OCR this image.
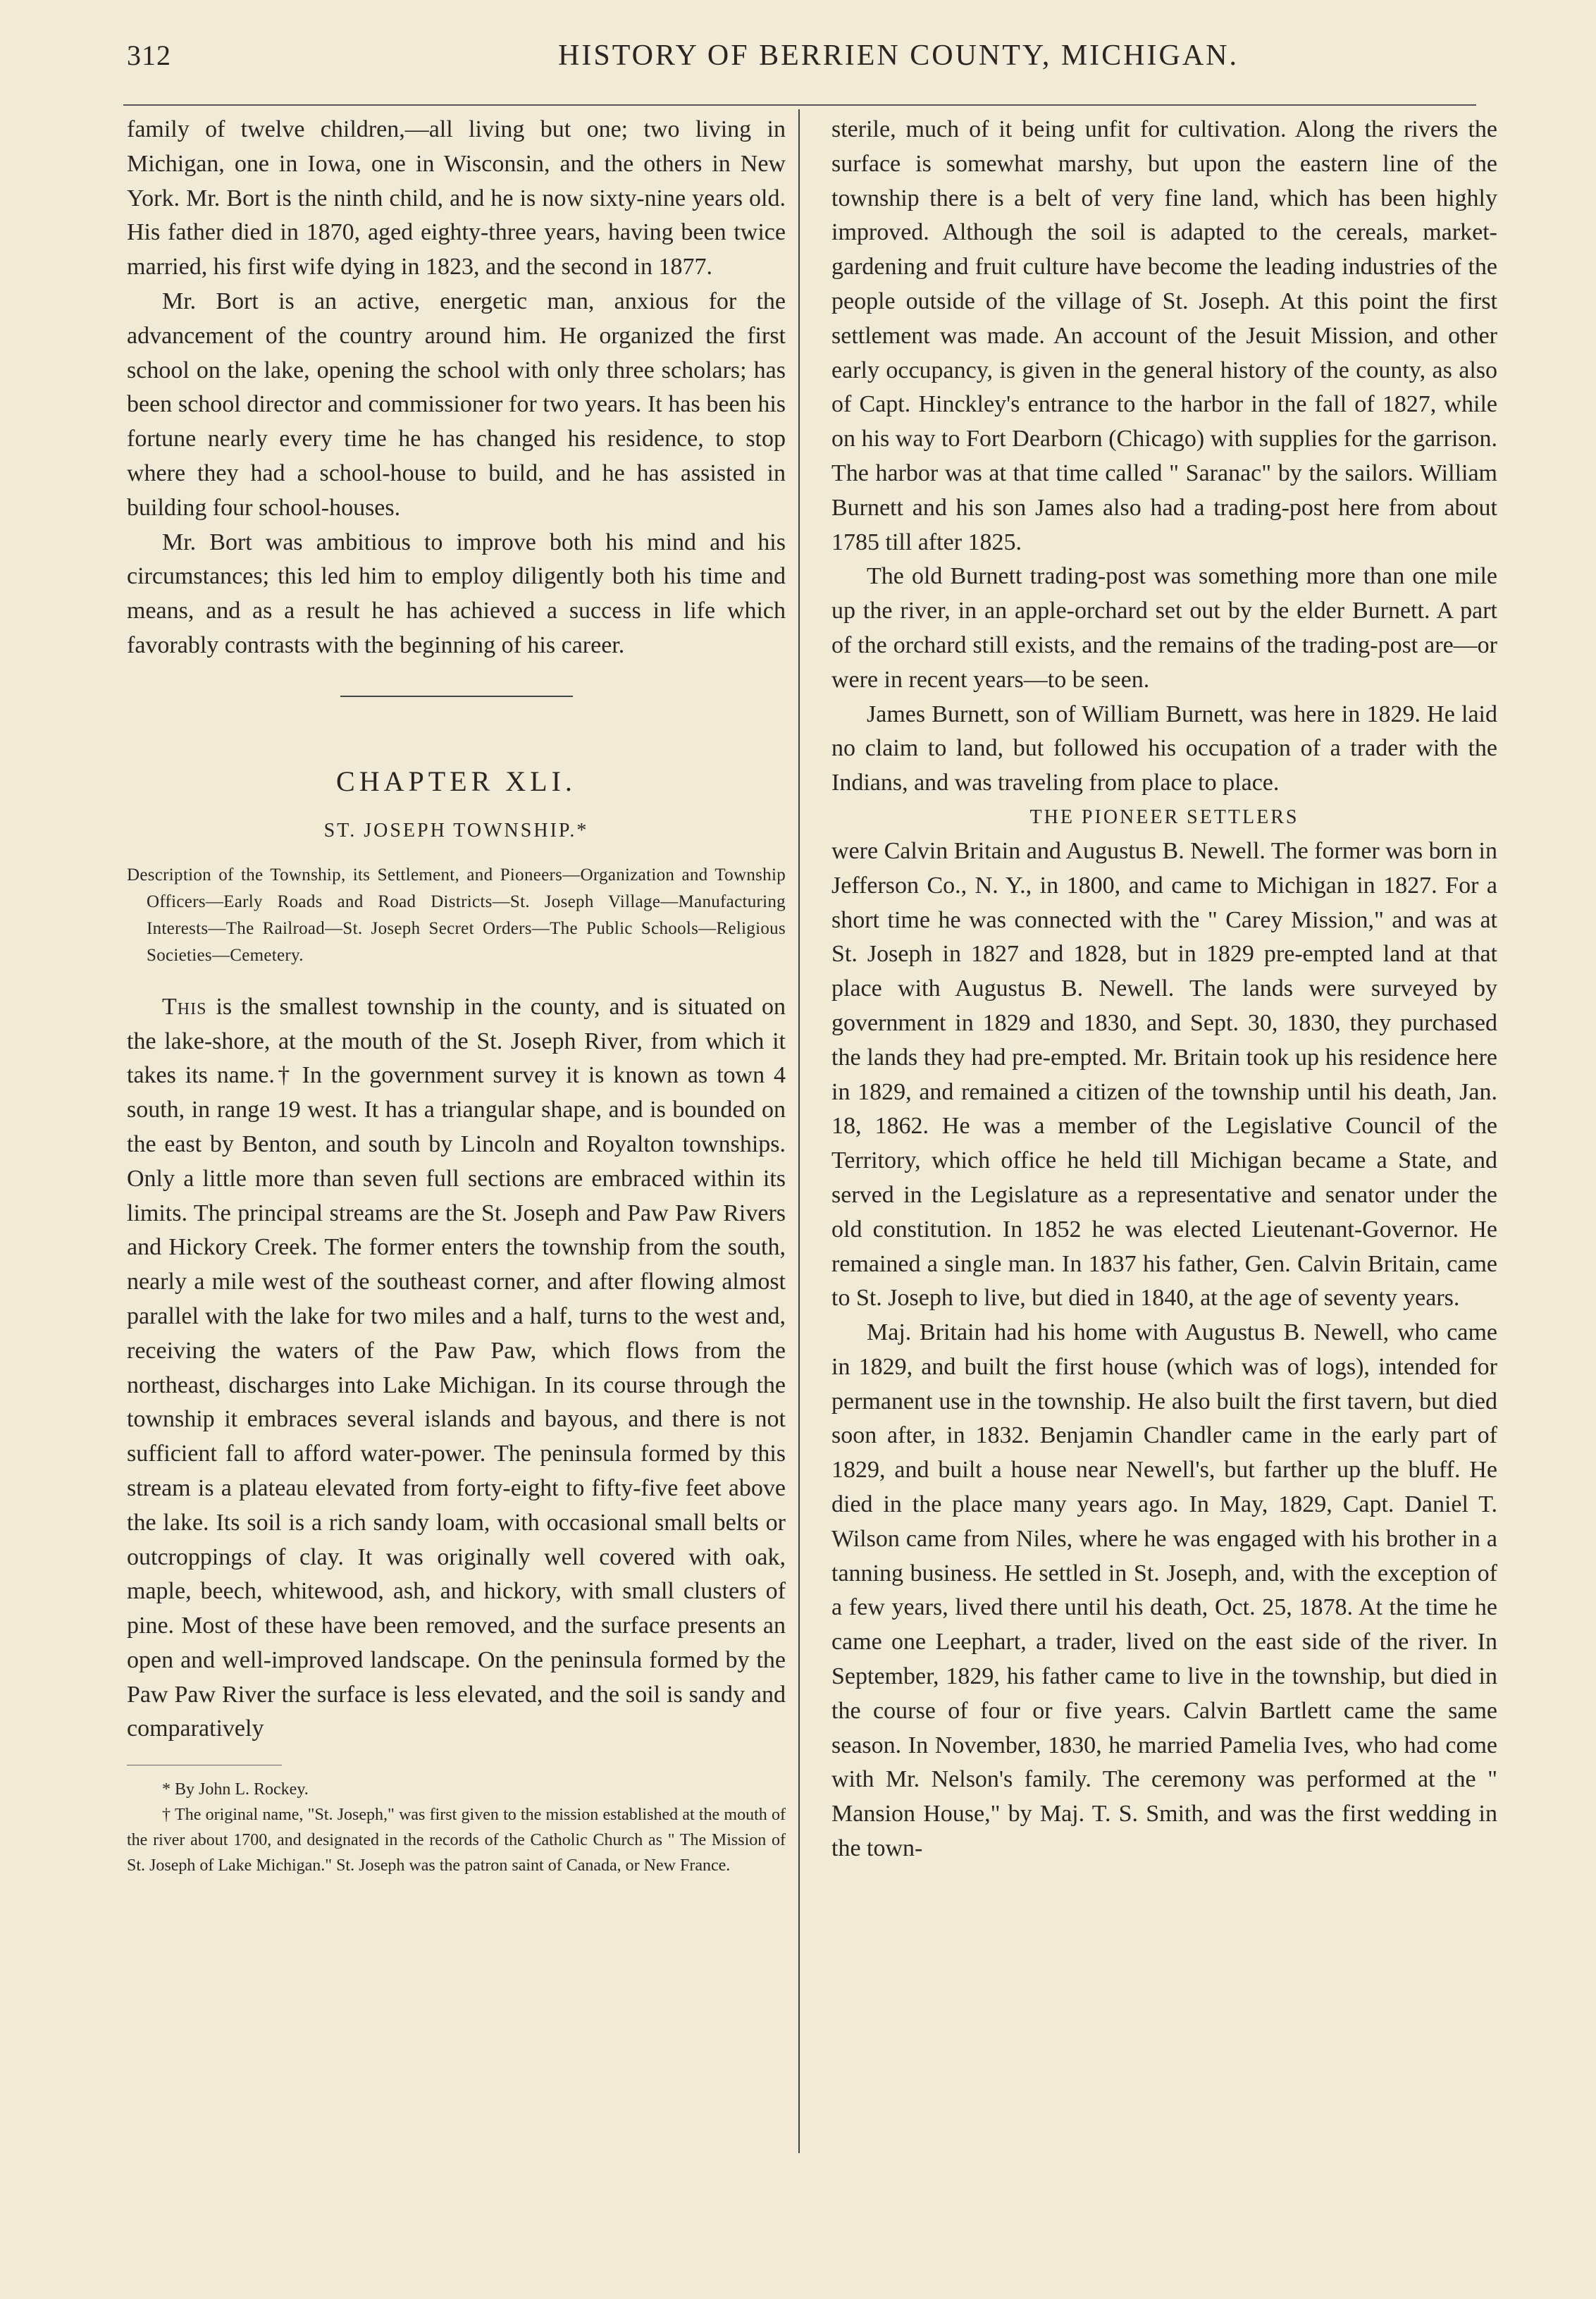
312	HISTORY OF BERRIEN COUNTY, MICHIGAN.

family of twelve children,—all living but one; two living in Michigan, one in Iowa, one in Wisconsin, and the others in New York. Mr. Bort is the ninth child, and he is now sixty-nine years old. His father died in 1870, aged eighty-three years, having been twice married, his first wife dying in 1823, and the second in 1877.

Mr. Bort is an active, energetic man, anxious for the advancement of the country around him. He organized the first school on the lake, opening the school with only three scholars; has been school director and commissioner for two years. It has been his fortune nearly every time he has changed his residence, to stop where they had a school-house to build, and he has assisted in building four school-houses.

Mr. Bort was ambitious to improve both his mind and his circumstances; this led him to employ diligently both his time and means, and as a result he has achieved a success in life which favorably contrasts with the beginning of his career.

CHAPTER XLI.
ST. JOSEPH TOWNSHIP.*
Description of the Township, its Settlement, and Pioneers—Organization and Township Officers—Early Roads and Road Districts—St. Joseph Village—Manufacturing Interests—The Railroad—St. Joseph Secret Orders—The Public Schools—Religious Societies—Cemetery.

This is the smallest township in the county, and is situated on the lake-shore, at the mouth of the St. Joseph River, from which it takes its name.† In the government survey it is known as town 4 south, in range 19 west. It has a triangular shape, and is bounded on the east by Benton, and south by Lincoln and Royalton townships. Only a little more than seven full sections are embraced within its limits. The principal streams are the St. Joseph and Paw Paw Rivers and Hickory Creek. The former enters the township from the south, nearly a mile west of the southeast corner, and after flowing almost parallel with the lake for two miles and a half, turns to the west and, receiving the waters of the Paw Paw, which flows from the northeast, discharges into Lake Michigan. In its course through the township it embraces several islands and bayous, and there is not sufficient fall to afford water-power. The peninsula formed by this stream is a plateau elevated from forty-eight to fifty-five feet above the lake. Its soil is a rich sandy loam, with occasional small belts or outcroppings of clay. It was originally well covered with oak, maple, beech, whitewood, ash, and hickory, with small clusters of pine. Most of these have been removed, and the surface presents an open and well-improved landscape. On the peninsula formed by the Paw Paw River the surface is less elevated, and the soil is sandy and comparatively

* By John L. Rockey.

† The original name, "St. Joseph," was first given to the mission established at the mouth of the river about 1700, and designated in the records of the Catholic Church as " The Mission of St. Joseph of Lake Michigan." St. Joseph was the patron saint of Canada, or New France.

sterile, much of it being unfit for cultivation. Along the rivers the surface is somewhat marshy, but upon the eastern line of the township there is a belt of very fine land, which has been highly improved. Although the soil is adapted to the cereals, market-gardening and fruit culture have become the leading industries of the people outside of the village of St. Joseph. At this point the first settlement was made. An account of the Jesuit Mission, and other early occupancy, is given in the general history of the county, as also of Capt. Hinckley's entrance to the harbor in the fall of 1827, while on his way to Fort Dearborn (Chicago) with supplies for the garrison. The harbor was at that time called " Saranac" by the sailors. William Burnett and his son James also had a trading-post here from about 1785 till after 1825.

The old Burnett trading-post was something more than one mile up the river, in an apple-orchard set out by the elder Burnett. A part of the orchard still exists, and the remains of the trading-post are—or were in recent years—to be seen.

James Burnett, son of William Burnett, was here in 1829. He laid no claim to land, but followed his occupation of a trader with the Indians, and was traveling from place to place.

THE PIONEER SETTLERS

were Calvin Britain and Augustus B. Newell. The former was born in Jefferson Co., N. Y., in 1800, and came to Michigan in 1827. For a short time he was connected with the " Carey Mission," and was at St. Joseph in 1827 and 1828, but in 1829 pre-empted land at that place with Augustus B. Newell. The lands were surveyed by government in 1829 and 1830, and Sept. 30, 1830, they purchased the lands they had pre-empted. Mr. Britain took up his residence here in 1829, and remained a citizen of the township until his death, Jan. 18, 1862. He was a member of the Legislative Council of the Territory, which office he held till Michigan became a State, and served in the Legislature as a representative and senator under the old constitution. In 1852 he was elected Lieutenant-Governor. He remained a single man. In 1837 his father, Gen. Calvin Britain, came to St. Joseph to live, but died in 1840, at the age of seventy years.

Maj. Britain had his home with Augustus B. Newell, who came in 1829, and built the first house (which was of logs), intended for permanent use in the township. He also built the first tavern, but died soon after, in 1832. Benjamin Chandler came in the early part of 1829, and built a house near Newell's, but farther up the bluff. He died in the place many years ago. In May, 1829, Capt. Daniel T. Wilson came from Niles, where he was engaged with his brother in a tanning business. He settled in St. Joseph, and, with the exception of a few years, lived there until his death, Oct. 25, 1878. At the time he came one Leephart, a trader, lived on the east side of the river. In September, 1829, his father came to live in the township, but died in the course of four or five years. Calvin Bartlett came the same season. In November, 1830, he married Pamelia Ives, who had come with Mr. Nelson's family. The ceremony was performed at the " Mansion House," by Maj. T. S. Smith, and was the first wedding in the town-
